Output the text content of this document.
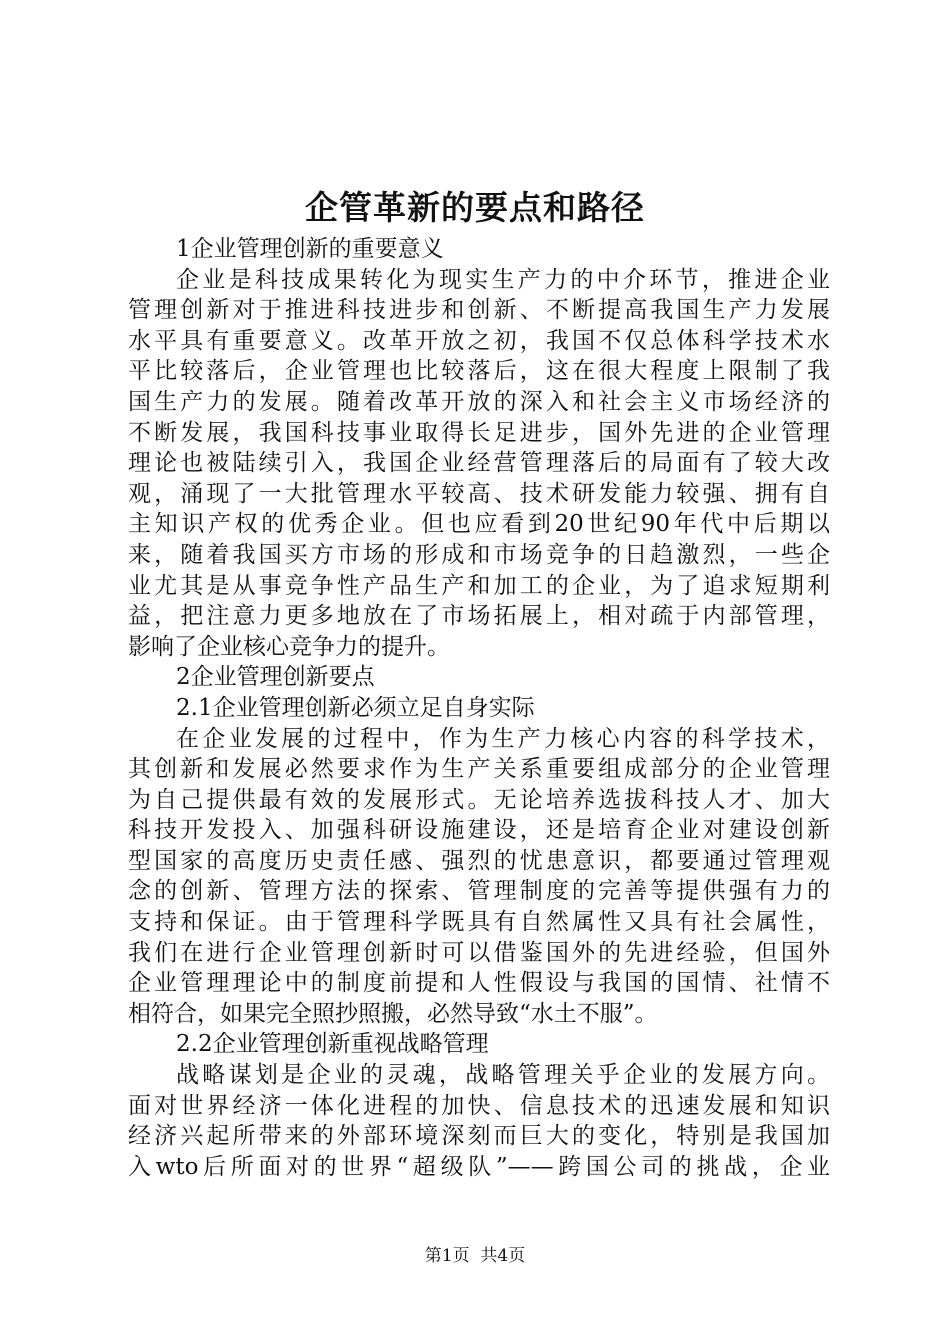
企管革新的要点和路径
1企业管理创新的重要意义
企业是科技成果转化为现实生产力的中介环节，推进企业
管理创新对于推进科技进步和创新、不断提高我国生产力发展
水平具有重要意义。改革开放之初，我国不仅总体科学技术水
平比较落后，企业管理也比较落后，这在很大程度上限制了我
国生产力的发展。随着改革开放的深入和社会主义市场经济的
不断发展，我国科技事业取得长足进步，国外先进的企业管理
理论也被陆续引入，我国企业经营管理落后的局面有了较大改
观，涌现了一大批管理水平较高、技术研发能力较强、拥有自
主知识产权的优秀企业。但也应看到20世纪90年代中后期以
来，随着我国买方市场的形成和市场竞争的日趋激烈，一些企
业尤其是从事竞争性产品生产和加工的企业，为了追求短期利
益，把注意力更多地放在了市场拓展上，相对疏于内部管理，
影响了企业核心竞争力的提升。
2企业管理创新要点
2.1企业管理创新必须立足自身实际
在企业发展的过程中，作为生产力核心内容的科学技术，
其创新和发展必然要求作为生产关系重要组成部分的企业管理
为自己提供最有效的发展形式。无论培养选拔科技人才、加大
科技开发投入、加强科研设施建设，还是培育企业对建设创新
型国家的高度历史责任感、强烈的忧患意识，都要通过管理观
念的创新、管理方法的探索、管理制度的完善等提供强有力的
支持和保证。由于管理科学既具有自然属性又具有社会属性，
我们在进行企业管理创新时可以借鉴国外的先进经验，但国外
企业管理理论中的制度前提和人性假设与我国的国情、社情不
相符合，如果完全照抄照搬，必然导致“水土不服”。
2.2企业管理创新重视战略管理
战略谋划是企业的灵魂，战略管理关乎企业的发展方向。
面对世界经济一体化进程的加快、信息技术的迅速发展和知识
经济兴起所带来的外部环境深刻而巨大的变化，特别是我国加
入wto后所面对的世界“超级队”——跨国公司的挑战，企业
第1页  共4页
